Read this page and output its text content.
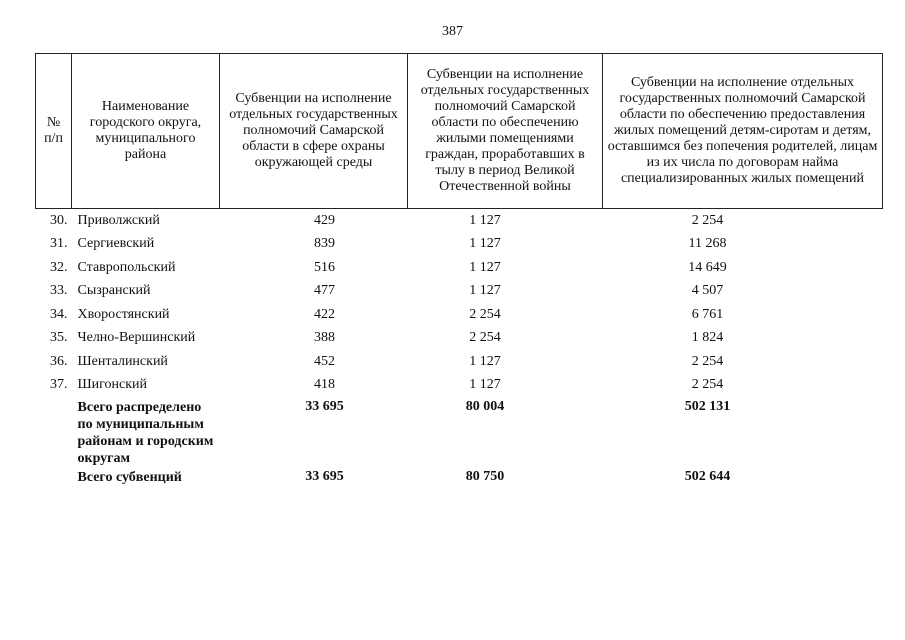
387
№ п/п	Наименование городского округа, муниципального района	Субвенции на исполнение отдельных государственных полномочий Самарской области в сфере охраны окружающей среды	Субвенции на исполнение отдельных государственных полномочий Самарской области по обеспечению жилыми помещениями граждан, проработавших в тылу в период Великой Отечественной войны	Субвенции на исполнение отдельных государственных полномочий Самарской области по обеспечению предоставления жилых помещений детям-сиротам и детям, оставшимся без попечения родителей, лицам из их числа по договорам найма специализированных жилых помещений
30.	Приволжский	429	1 127	2 254
31.	Сергиевский	839	1 127	11 268
32.	Ставропольский	516	1 127	14 649
33.	Сызранский	477	1 127	4 507
34.	Хворостянский	422	2 254	6 761
35.	Челно-Вершинский	388	2 254	1 824
36.	Шенталинский	452	1 127	2 254
37.	Шигонский	418	1 127	2 254
	Всего распределено по муниципальным районам и городским округам	33 695	80 004	502 131
	Всего субвенций	33 695	80 750	502 644
